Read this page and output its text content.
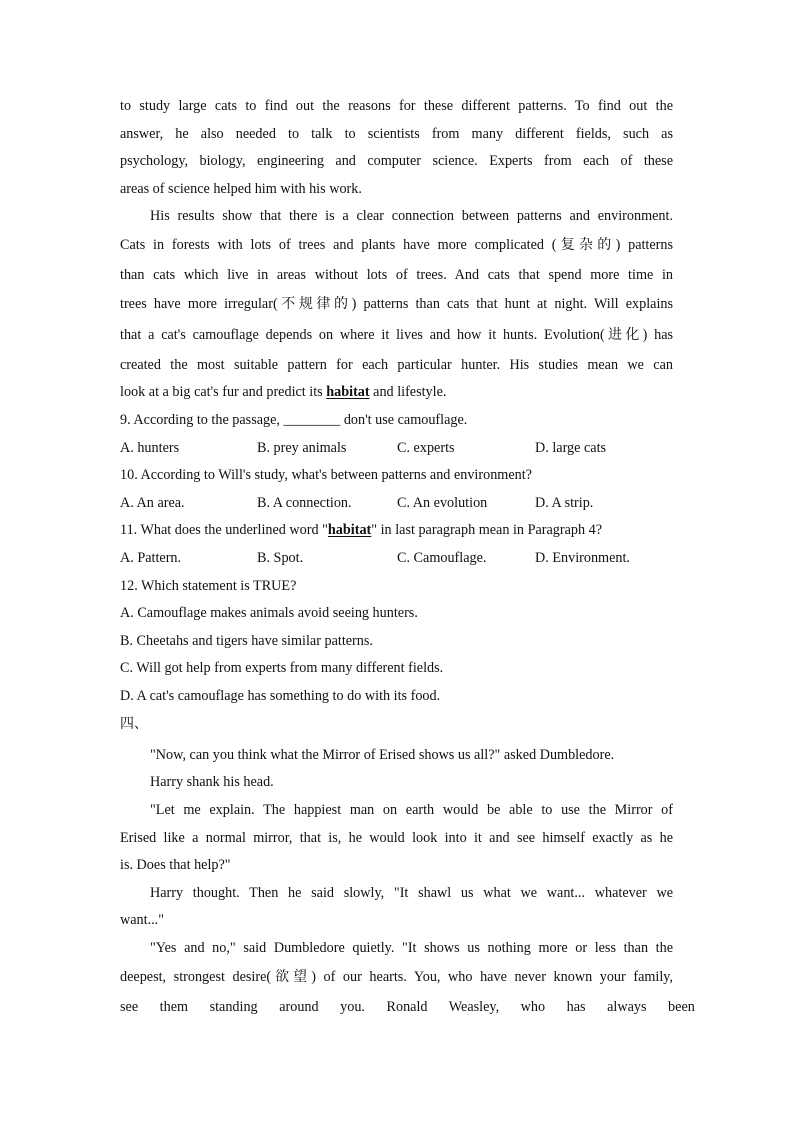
to study large cats to find out the reasons for these different patterns. To find out the
answer, he also needed to talk to scientists from many different fields, such as
psychology, biology, engineering and computer science. Experts from each of these
areas of science helped him with his work.
His results show that there is a clear connection between patterns and environment.
Cats in forests with lots of trees and plants have more complicated (复杂的) patterns
than cats which live in areas without lots of trees. And cats that spend more time in
trees have more irregular(不规律的) patterns than cats that hunt at night. Will explains
that a cat's camouflage depends on where it lives and how it hunts. Evolution(进化) has
created the most suitable pattern for each particular hunter. His studies mean we can
look at a big cat's fur and predict its habitat and lifestyle.
9. According to the passage, ________ don't use camouflage.
A. hunters	B. prey animals	C. experts	D. large cats
10. According to Will's study, what's between patterns and environment?
A. An area.	B. A connection.	C. An evolution	D. A strip.
11. What does the underlined word "habitat" in last paragraph mean in Paragraph 4?
A. Pattern.	B. Spot.	C. Camouflage.	D. Environment.
12. Which statement is TRUE?
A. Camouflage makes animals avoid seeing hunters.
B. Cheetahs and tigers have similar patterns.
C. Will got help from experts from many different fields.
D. A cat's camouflage has something to do with its food.
四、
"Now, can you think what the Mirror of Erised shows us all?" asked Dumbledore.
Harry shank his head.
"Let me explain. The happiest man on earth would be able to use the Mirror of
Erised like a normal mirror, that is, he would look into it and see himself exactly as he
is. Does that help?"
Harry thought. Then he said slowly, "It shawl us what we want... whatever we
want..."
"Yes and no," said Dumbledore quietly. "It shows us nothing more or less than the
deepest, strongest desire(欲望) of our hearts. You, who have never known your family,
see them standing around you. Ronald Weasley, who has always been
